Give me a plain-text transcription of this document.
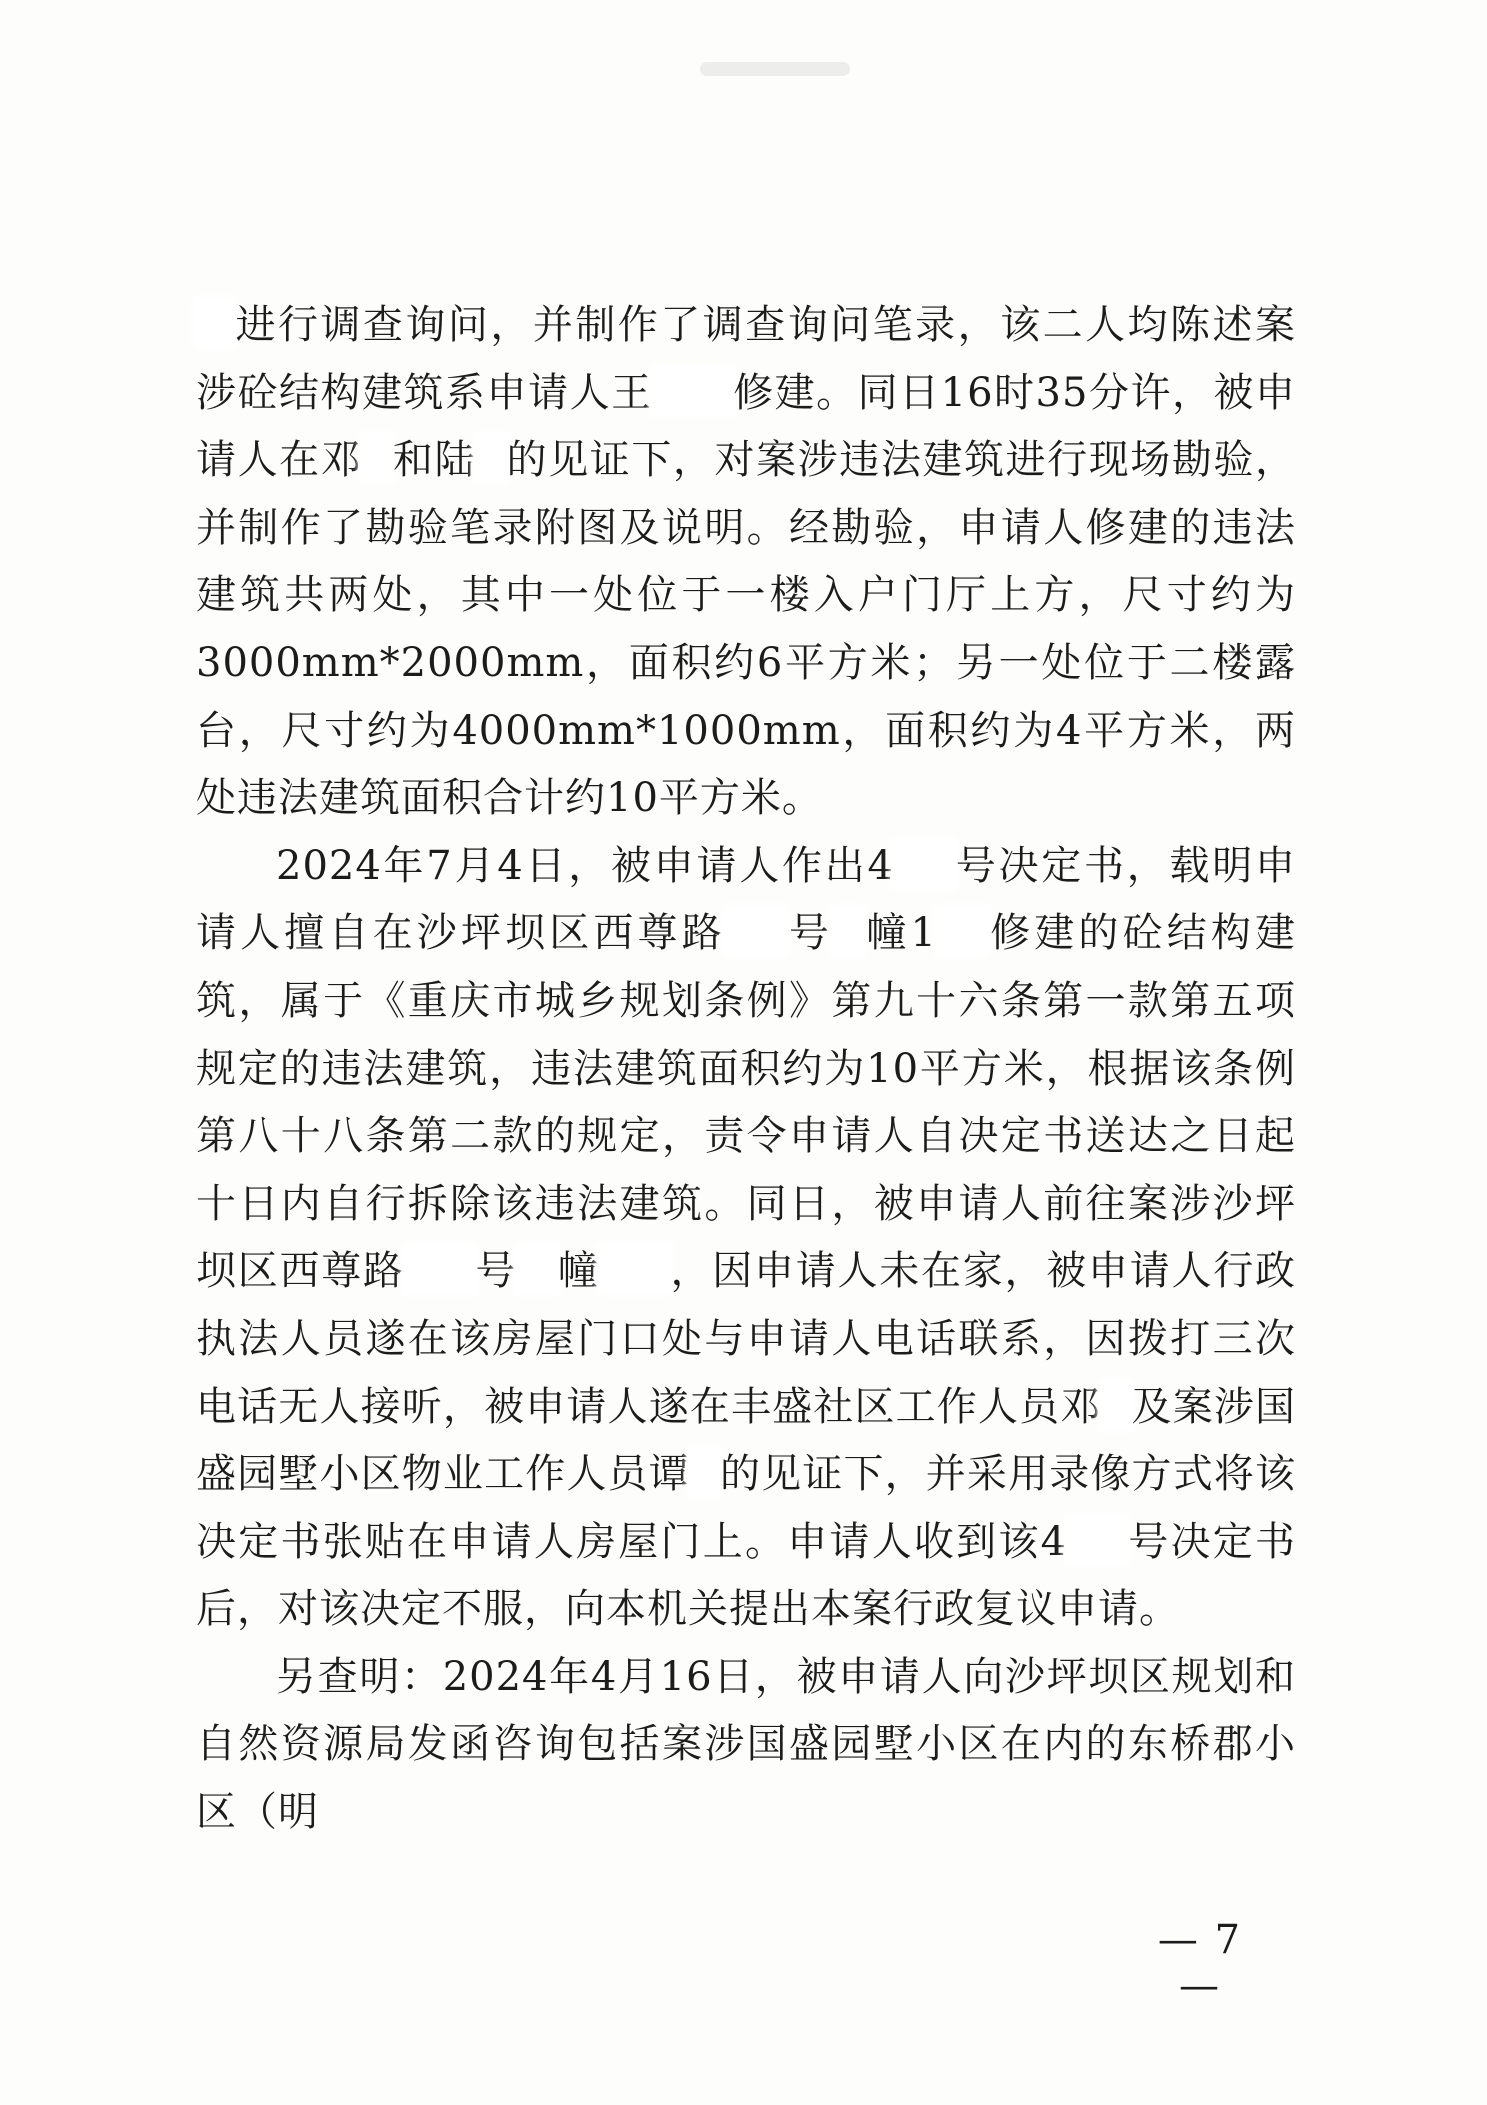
进行调查询问，并制作了调查询问笔录，该二人均陈述案涉砼结构建筑系申请人王 修建。同日16时35分许，被申请人在邓 和陆 的见证下，对案涉违法建筑进行现场勘验，并制作了勘验笔录附图及说明。经勘验，申请人修建的违法建筑共两处，其中一处位于一楼入户门厅上方，尺寸约为3000mm*2000mm，面积约6平方米；另一处位于二楼露台，尺寸约为4000mm*1000mm，面积约为4平方米，两处违法建筑面积合计约10平方米。

2024年7月4日，被申请人作出4 号决定书，载明申请人擅自在沙坪坝区西尊路 号 幢1 修建的砼结构建筑，属于《重庆市城乡规划条例》第九十六条第一款第五项规定的违法建筑，违法建筑面积约为10平方米，根据该条例第八十八条第二款的规定，责令申请人自决定书送达之日起十日内自行拆除该违法建筑。同日，被申请人前往案涉沙坪坝区西尊路 号 幢 ，因申请人未在家，被申请人行政执法人员遂在该房屋门口处与申请人电话联系，因拨打三次电话无人接听，被申请人遂在丰盛社区工作人员邓 及案涉国盛园墅小区物业工作人员谭 的见证下，并采用录像方式将该决定书张贴在申请人房屋门上。申请人收到该4 号决定书后，对该决定不服，向本机关提出本案行政复议申请。

另查明：2024年4月16日，被申请人向沙坪坝区规划和自然资源局发函咨询包括案涉国盛园墅小区在内的东桥郡小区（明

— 7 —
